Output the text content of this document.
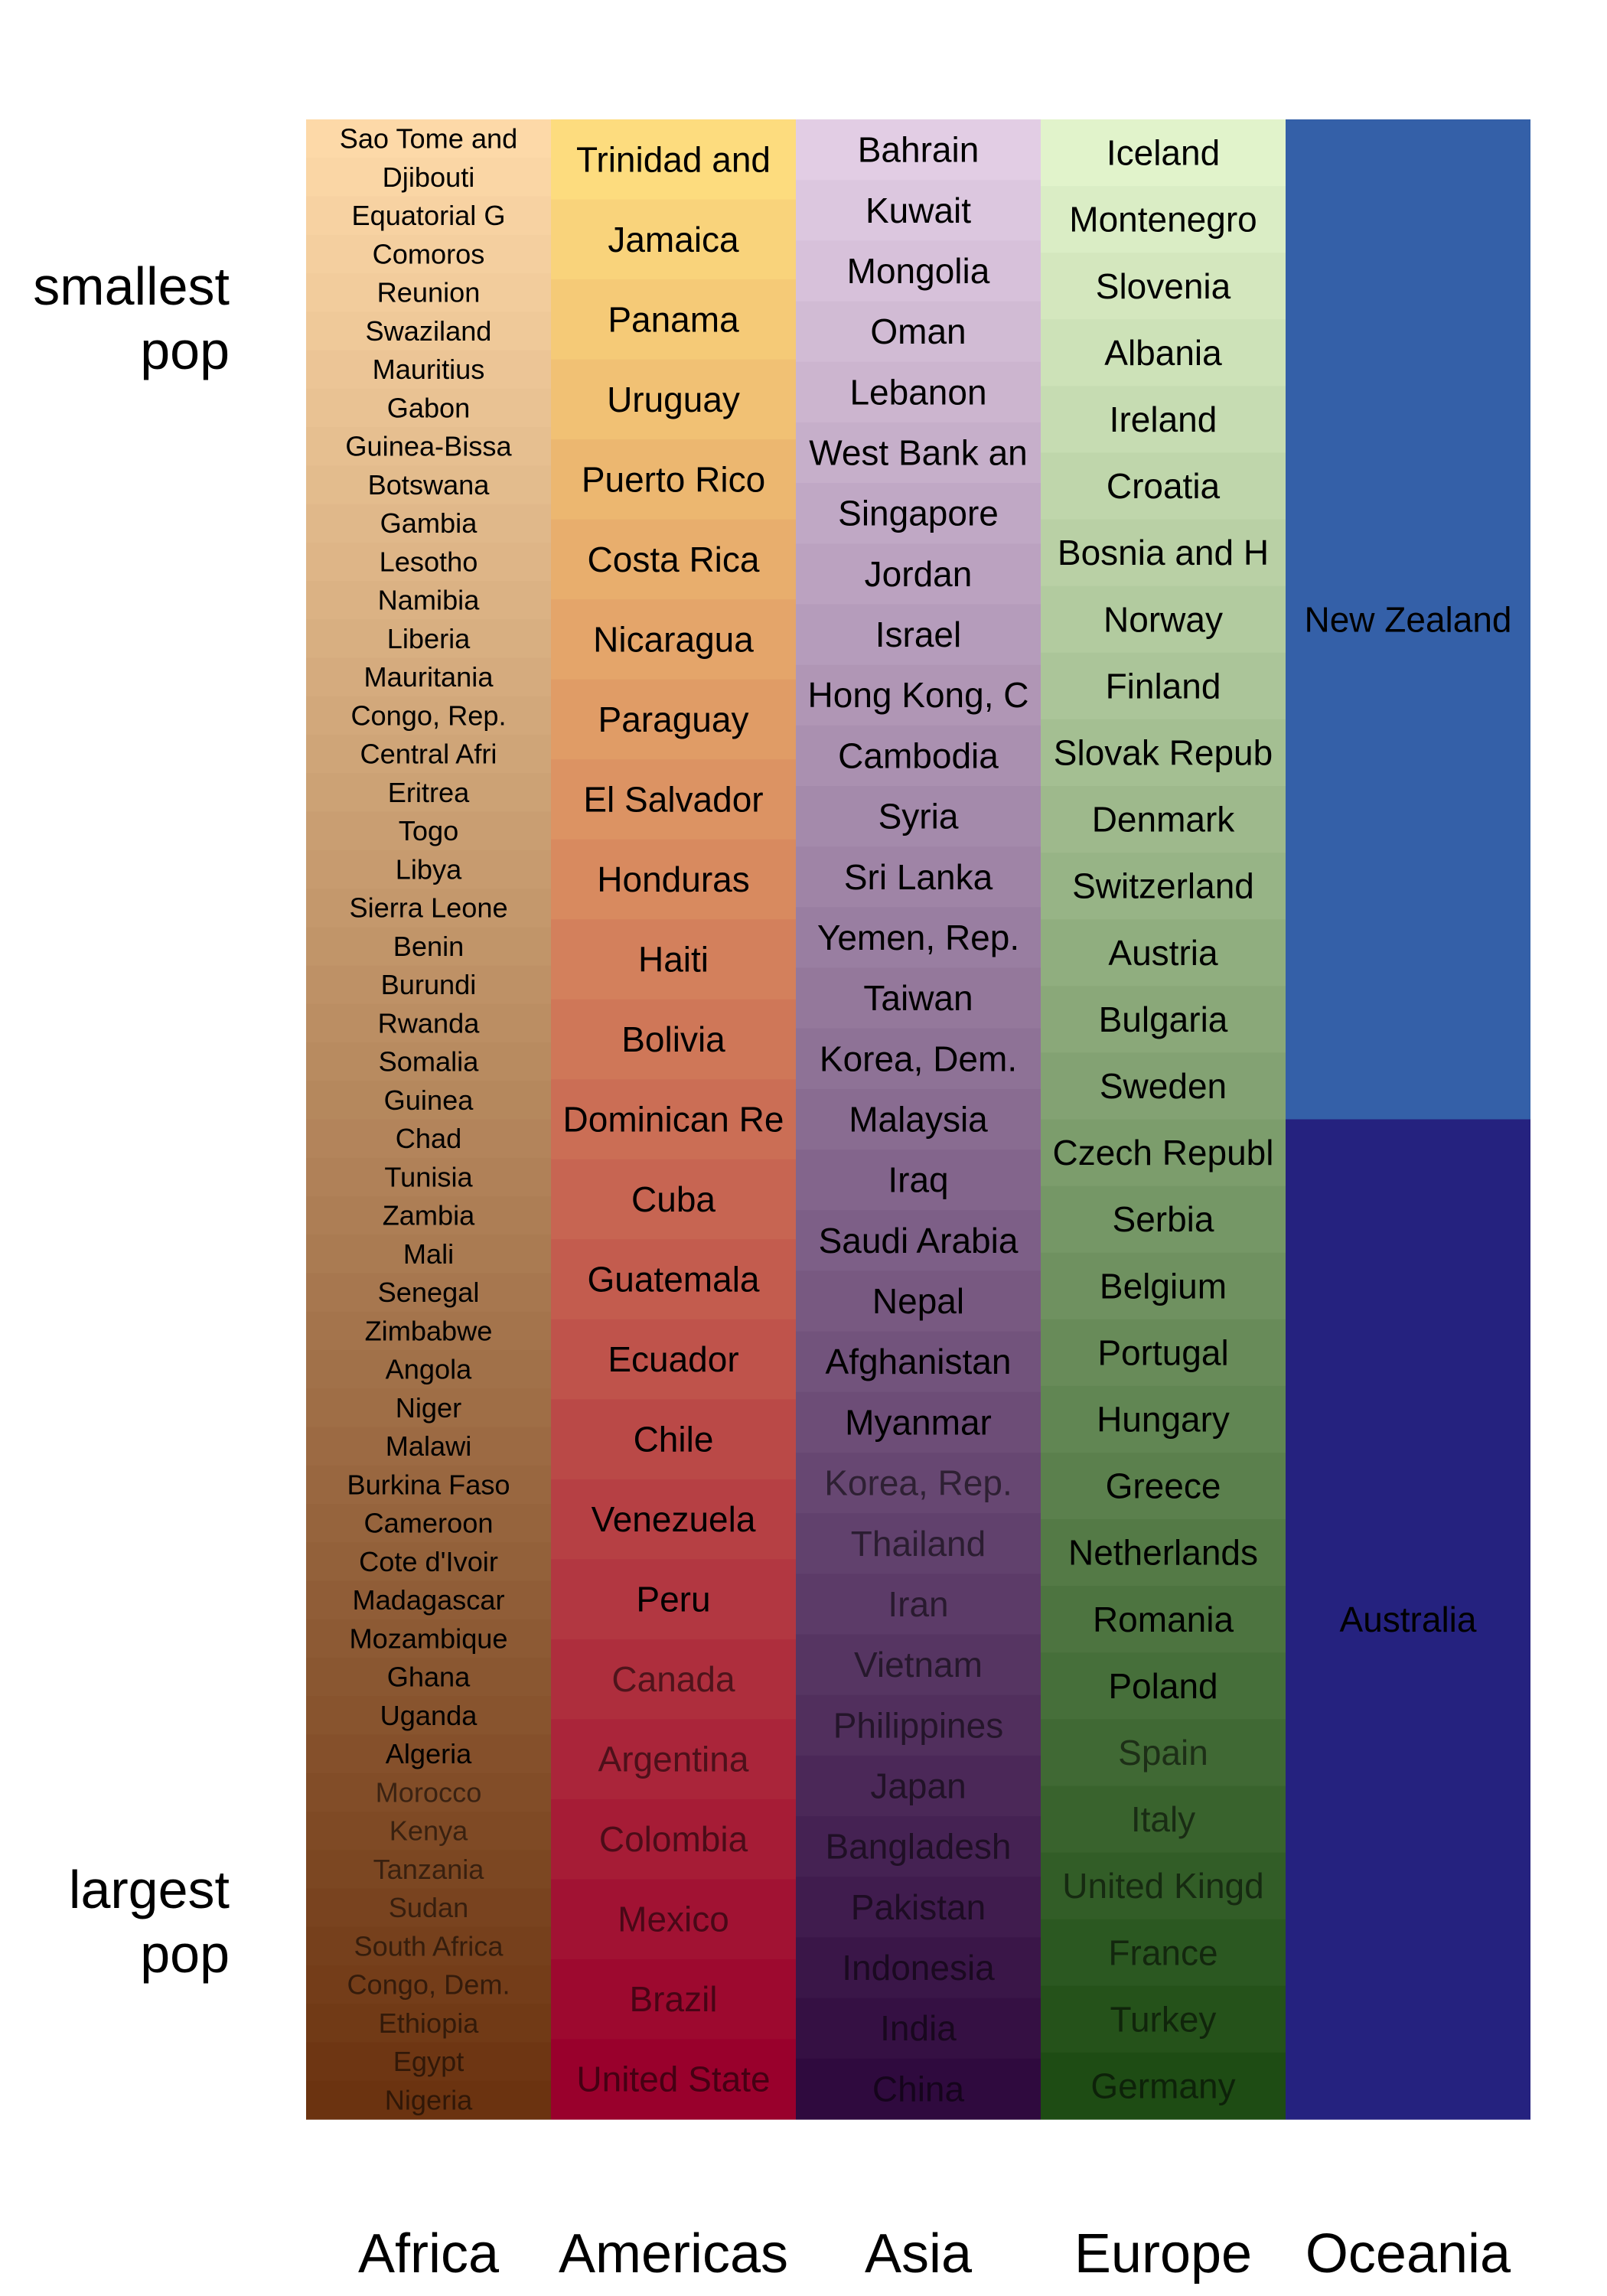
Sao Tome and
Djibouti
Equatorial G
Comoros
Reunion
Swaziland
Mauritius
Gabon
Guinea-Bissa
Botswana
Gambia
Lesotho
Namibia
Liberia
Mauritania
Congo, Rep.
Central Afri
Eritrea
Togo
Libya
Sierra Leone
Benin
Burundi
Rwanda
Somalia
Guinea
Chad
Tunisia
Zambia
Mali
Senegal
Zimbabwe
Angola
Niger
Malawi
Burkina Faso
Cameroon
Cote d'Ivoir
Madagascar
Mozambique
Ghana
Uganda
Algeria
Morocco
Kenya
Tanzania
Sudan
South Africa
Congo, Dem.
Ethiopia
Egypt
Nigeria
Trinidad and
Jamaica
Panama
Uruguay
Puerto Rico
Costa Rica
Nicaragua
Paraguay
El Salvador
Honduras
Haiti
Bolivia
Dominican Re
Cuba
Guatemala
Ecuador
Chile
Venezuela
Peru
Canada
Argentina
Colombia
Mexico
Brazil
United State
Bahrain
Kuwait
Mongolia
Oman
Lebanon
West Bank an
Singapore
Jordan
Israel
Hong Kong, C
Cambodia
Syria
Sri Lanka
Yemen, Rep.
Taiwan
Korea, Dem.
Malaysia
Iraq
Saudi Arabia
Nepal
Afghanistan
Myanmar
Korea, Rep.
Thailand
Iran
Vietnam
Philippines
Japan
Bangladesh
Pakistan
Indonesia
India
China
Iceland
Montenegro
Slovenia
Albania
Ireland
Croatia
Bosnia and H
Norway
Finland
Slovak Repub
Denmark
Switzerland
Austria
Bulgaria
Sweden
Czech Republ
Serbia
Belgium
Portugal
Hungary
Greece
Netherlands
Romania
Poland
Spain
Italy
United Kingd
France
Turkey
Germany
New Zealand
Australia
smallest
pop
largest
pop
Africa	Americas	Asia	Europe Oceania
